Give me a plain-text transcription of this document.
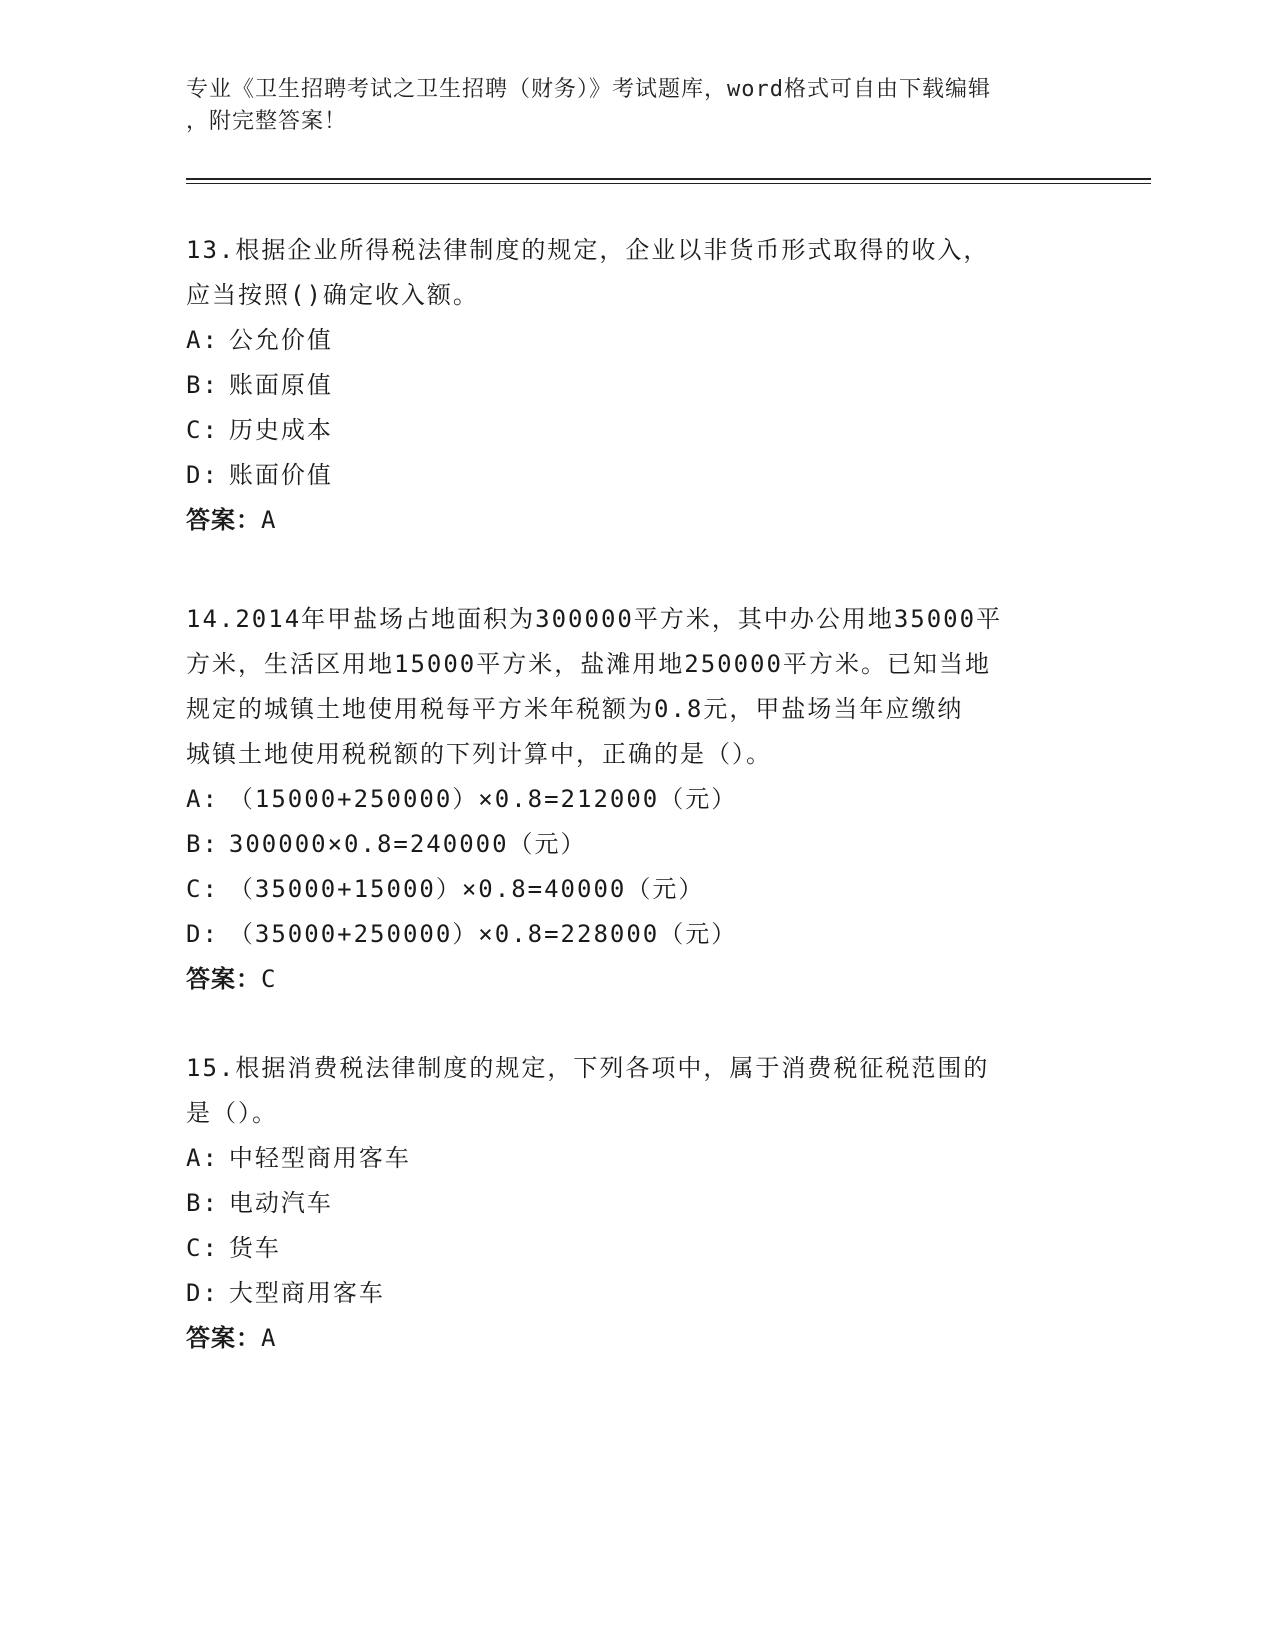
专业《卫生招聘考试之卫生招聘（财务）》考试题库，word格式可自由下载编辑
，附完整答案！

13.根据企业所得税法律制度的规定，企业以非货币形式取得的收入，

应当按照()确定收入额。

A: 公允价值

B: 账面原值

C: 历史成本

D: 账面价值

答案：A

14.2014年甲盐场占地面积为300000平方米，其中办公用地35000平

方米，生活区用地15000平方米，盐滩用地250000平方米。已知当地

规定的城镇土地使用税每平方米年税额为0.8元，甲盐场当年应缴纳

城镇土地使用税税额的下列计算中，正确的是（）。

A: （15000+250000）×0.8=212000（元）

B: 300000×0.8=240000（元）

C: （35000+15000）×0.8=40000（元）

D: （35000+250000）×0.8=228000（元）

答案：C

15.根据消费税法律制度的规定，下列各项中，属于消费税征税范围的

是（）。

A: 中轻型商用客车

B: 电动汽车

C: 货车

D: 大型商用客车

答案：A
